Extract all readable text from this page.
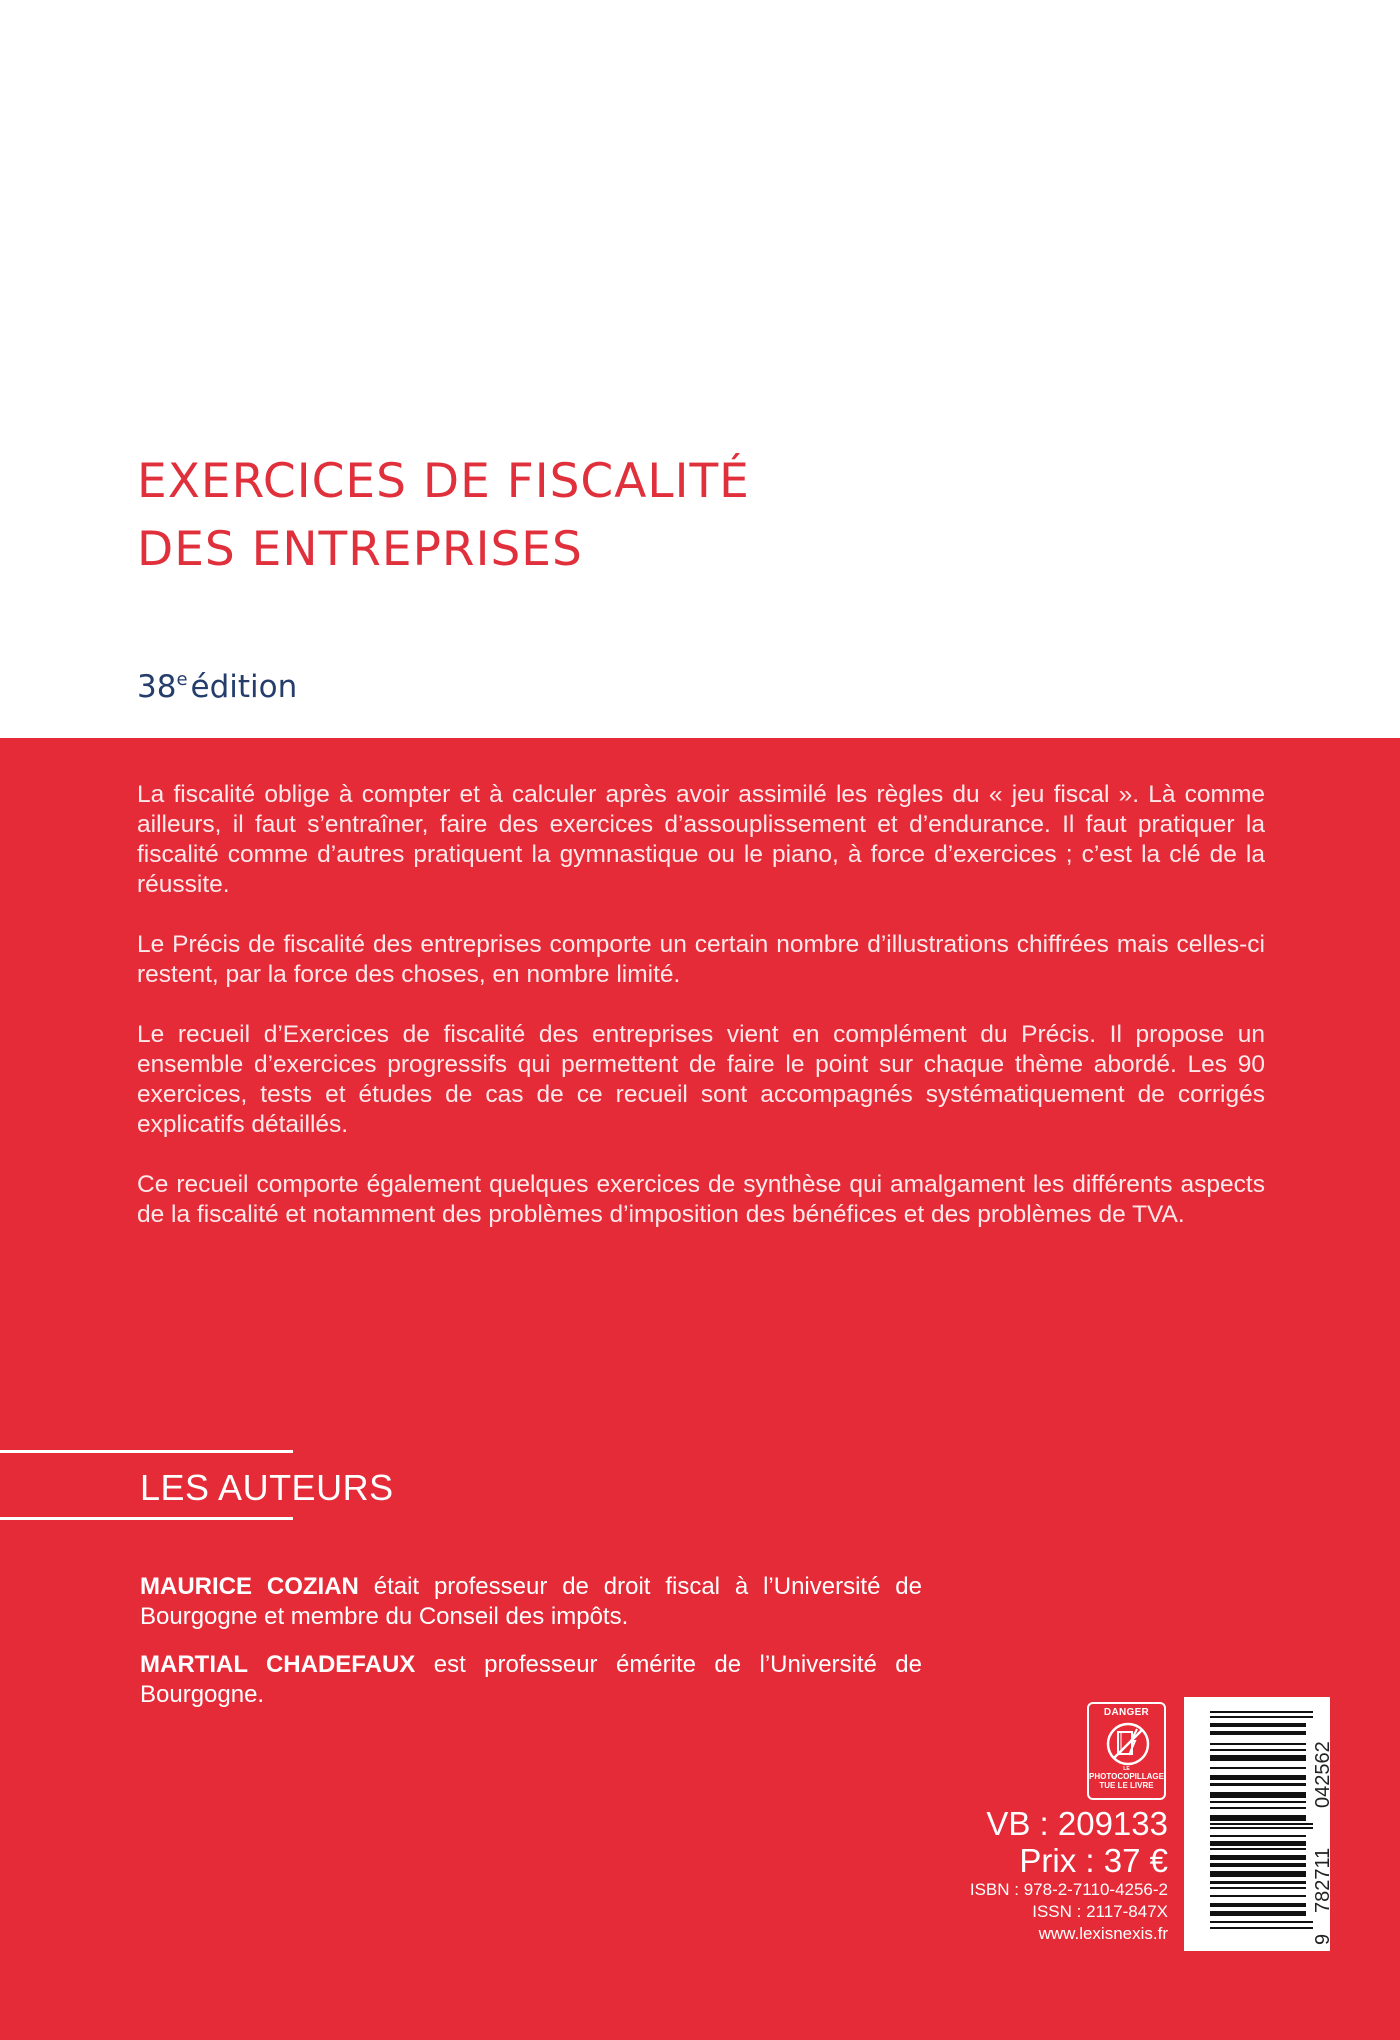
EXERCICES DE FISCALITÉ
DES ENTREPRISES
38eédition

La fiscalité oblige à compter et à calculer après avoir assimilé les règles du « jeu fiscal ». Là comme ailleurs, il faut s’entraîner, faire des exercices d’assouplissement et d’endurance. Il faut pratiquer la fiscalité comme d’autres pratiquent la gymnastique ou le piano, à force d’exercices ; c’est la clé de la réussite.

Le Précis de fiscalité des entreprises comporte un certain nombre d’illustrations chiffrées mais celles-ci restent, par la force des choses, en nombre limité.

Le recueil d’Exercices de fiscalité des entreprises vient en complément du Précis. Il propose un ensemble d’exercices progressifs qui permettent de faire le point sur chaque thème abordé. Les 90 exercices, tests et études de cas de ce recueil sont accompagnés systématiquement de corrigés explicatifs détaillés.

Ce recueil comporte également quelques exercices de synthèse qui amalgament les différents aspects de la fiscalité et notamment des problèmes d’imposition des bénéfices et des problèmes de TVA.

LES AUTEURS

MAURICE COZIAN était professeur de droit fiscal à l’Université de Bourgogne et membre du Conseil des impôts.

MARTIAL CHADEFAUX est professeur émérite de l’Université de Bourgogne.

DANGER
LE
PHOTOCOPILLAGE
TUE LE LIVRE
VB : 209133
Prix : 37 €
ISBN : 978-2-7110-4256-2
ISSN : 2117-847X
www.lexisnexis.fr
042562
782711
9
